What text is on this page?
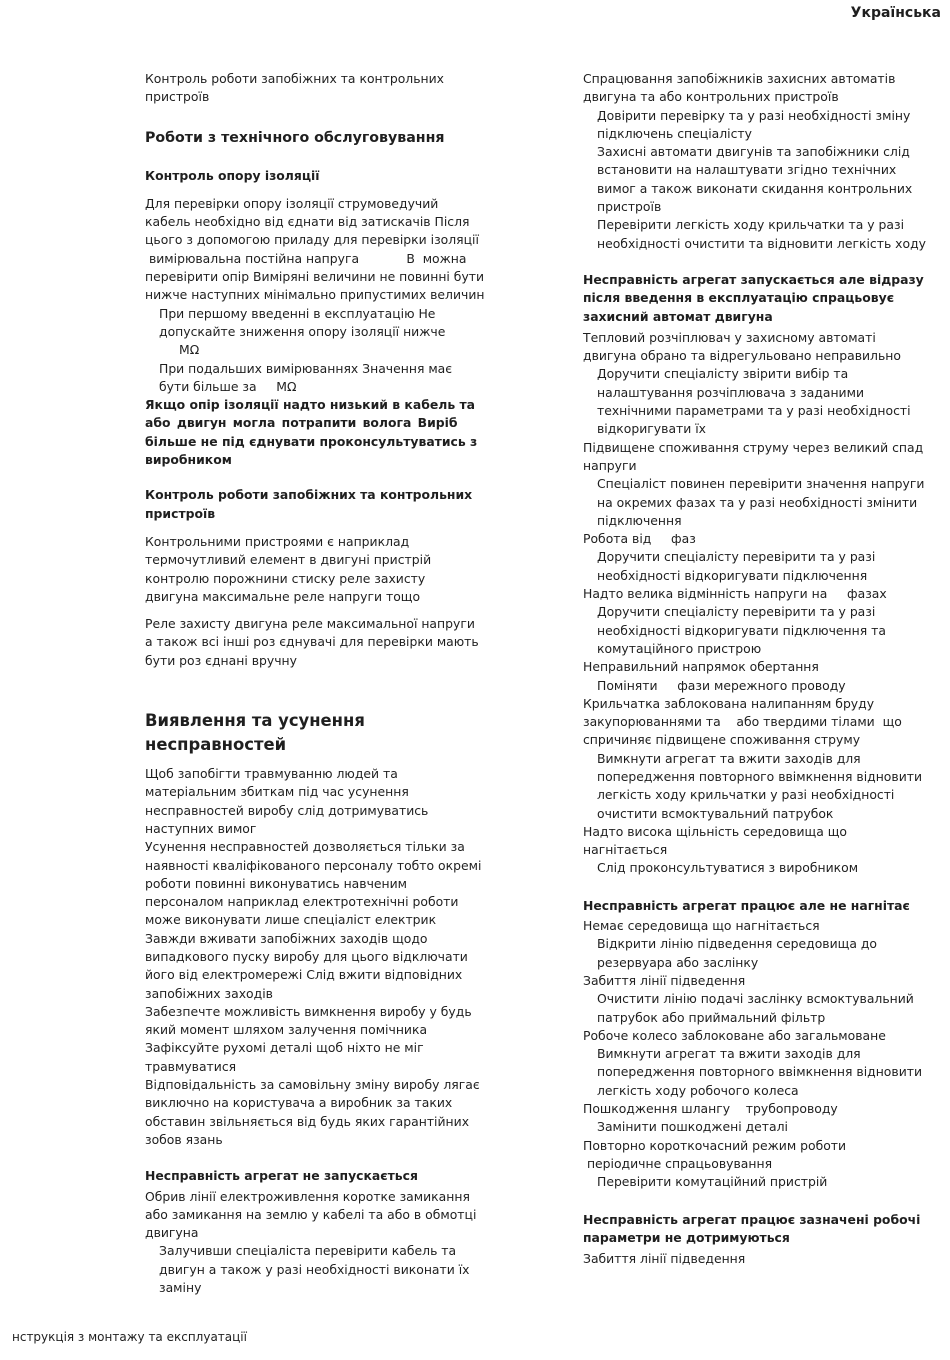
Українська

Контроль роботи запобіжних та контрольних

пристроїв

Роботи з технічного обслуговування

Контроль опору ізоляції

Для перевірки опору ізоляції струмоведучий

кабель необхідно від єднати від затискачів Після

цього з допомогою приладу для перевірки ізоляції

вимірювальна постійна напруга            В  можна

перевірити опір Виміряні величини не повинні бути

нижче наступних мінімально припустимих величин

При першому введенні в експлуатацію Не

допускайте зниження опору ізоляції нижче

МΩ

При подальших вимірюваннях Значення має

бути більше за     МΩ

Якщо опір ізоляції надто низький в кабель та

або двигун могла потрапити волога Виріб

більше не під єднувати проконсультуватись з

виробником

Контроль роботи запобіжних та контрольних

пристроїв

Контрольними пристроями є наприклад

термочутливий елемент в двигуні пристрій

контролю порожнини стиску реле захисту

двигуна максимальне реле напруги тощо

Реле захисту двигуна реле максимальної напруги

а також всі інші роз єднувачі для перевірки мають

бути роз єднані вручну

Виявлення та усунення несправностей

Щоб запобігти травмуванню людей та

матеріальним збиткам під час усунення

несправностей виробу слід дотримуватись

наступних вимог

Усунення несправностей дозволяється тільки за

наявності кваліфікованого персоналу тобто окремі

роботи повинні виконуватись навченим

персоналом наприклад електротехнічні роботи

може виконувати лише спеціаліст електрик

Завжди вживати запобіжних заходів щодо

випадкового пуску виробу для цього відключати

його від електромережі Слід вжити відповідних

запобіжних заходів

Забезпечте можливість вимкнення виробу у будь

який момент шляхом залучення помічника

Зафіксуйте рухомі деталі щоб ніхто не міг

травмуватися

Відповідальність за самовільну зміну виробу лягає

виключно на користувача а виробник за таких

обставин звільняється від будь яких гарантійних

зобов язань

Несправність агрегат не запускається

Обрив лінії електроживлення коротке замикання

або замикання на землю у кабелі та або в обмотці

двигуна

Залучивши спеціаліста перевірити кабель та

двигун а також у разі необхідності виконати їх

заміну

Спрацювання запобіжників захисних автоматів

двигуна та або контрольних пристроїв

Довірити перевірку та у разі необхідності зміну

підключень спеціалісту

Захисні автомати двигунів та запобіжники слід

встановити на налаштувати згідно технічних

вимог а також виконати скидання контрольних

пристроїв

Перевірити легкість ходу крильчатки та у разі

необхідності очистити та відновити легкість ходу

Несправність агрегат запускається але відразу

після введення в експлуатацію спрацьовує

захисний автомат двигуна

Тепловий розчіплювач у захисному автоматі

двигуна обрано та відрегульовано неправильно

Доручити спеціалісту звірити вибір та

налаштування розчіплювача з заданими

технічними параметрами та у разі необхідності

відкоригувати їх

Підвищене споживання струму через великий спад

напруги

Спеціаліст повинен перевірити значення напруги

на окремих фазах та у разі необхідності змінити

підключення

Робота від     фаз

Доручити спеціалісту перевірити та у разі

необхідності відкоригувати підключення

Надто велика відмінність напруги на     фазах

Доручити спеціалісту перевірити та у разі

необхідності відкоригувати підключення та

комутаційного пристрою

Неправильний напрямок обертання

Поміняти     фази мережного проводу

Крильчатка заблокована налипанням бруду

закупорюваннями та    або твердими тілами  що

спричиняє підвищене споживання струму

Вимкнути агрегат та вжити заходів для

попередження повторного ввімкнення відновити

легкість ходу крильчатки у разі необхідності

очистити всмоктувальний патрубок

Надто висока щільність середовища що

нагнітається

Слід проконсультуватися з виробником

Несправність агрегат працює але не нагнітає

Немає середовища що нагнітається

Відкрити лінію підведення середовища до

резервуара або заслінку

Забиття лінії підведення

Очистити лінію подачі заслінку всмоктувальний

патрубок або приймальний фільтр

Робоче колесо заблоковане або загальмоване

Вимкнути агрегат та вжити заходів для

попередження повторного ввімкнення відновити

легкість ходу робочого колеса

Пошкодження шлангу    трубопроводу

Замінити пошкоджені деталі

Повторно короткочасний режим роботи

періодичне спрацьовування

Перевірити комутаційний пристрій

Несправність агрегат працює зазначені робочі

параметри не дотримуються

Забиття лінії підведення

нструкція з монтажу та експлуатації
